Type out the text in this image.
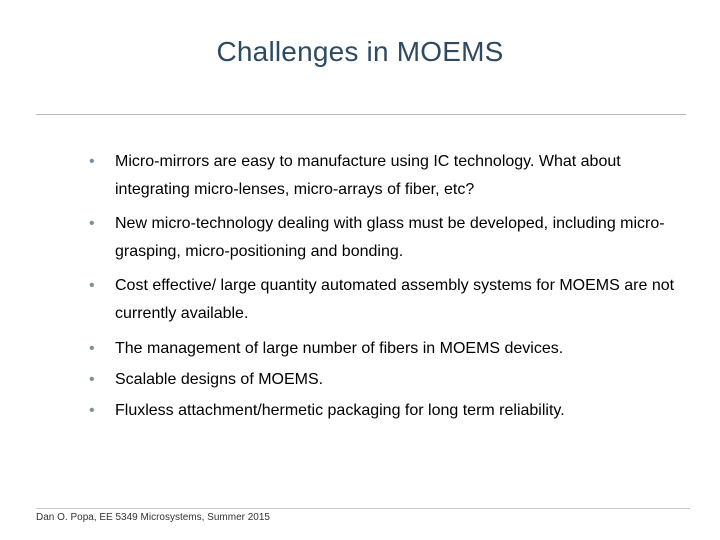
Challenges in MOEMS
• Micro-mirrors are easy to manufacture using IC technology. What about integrating micro-lenses, micro-arrays of fiber, etc?
• New micro-technology dealing with glass must be developed, including micro-grasping, micro-positioning and bonding.
• Cost effective/ large quantity automated assembly systems for MOEMS are not currently available.
• The management of large number of fibers in MOEMS devices.
• Scalable designs of MOEMS.
• Fluxless attachment/hermetic packaging for long term reliability.
Dan O. Popa, EE 5349 Microsystems, Summer 2015
